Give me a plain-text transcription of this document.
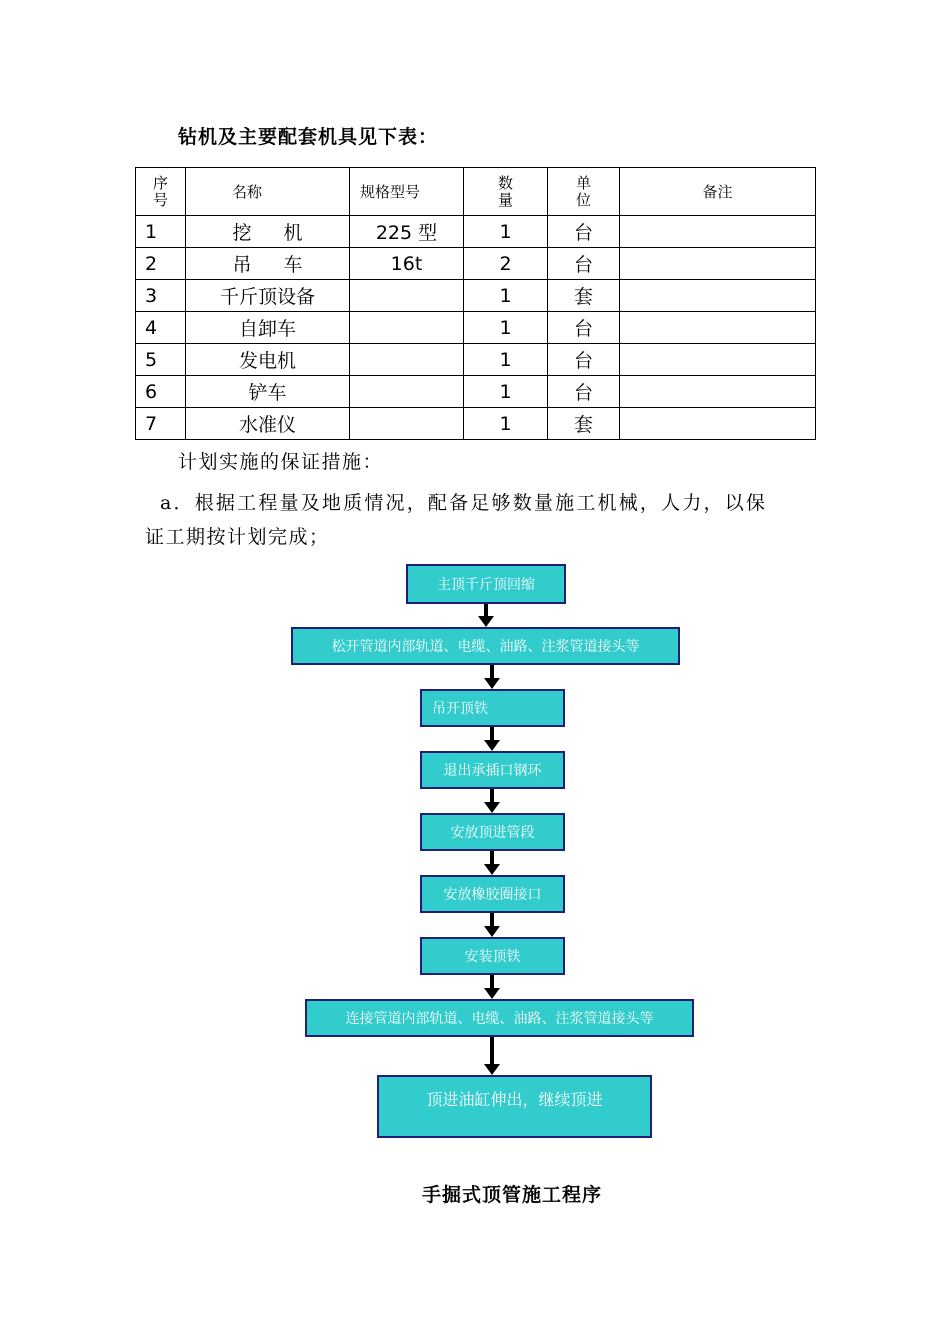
钻机及主要配套机具见下表：
序号	名称	规格型号	数量	单位	备注
1	挖 机	225 型	1	台	
2	吊 车	16t	2	台	
3	千斤顶设备		1	套	
4	自卸车		1	台	
5	发电机		1	台	
6	铲车		1	台	
7	水准仪		1	套	
计划实施的保证措施：
a．根据工程量及地质情况，配备足够数量施工机械，人力，以保
证工期按计划完成；
主顶千斤顶回缩
松开管道内部轨道、电缆、油路、注浆管道接头等
吊开顶铁
退出承插口钢环
安放顶进管段
安放橡胶圈接口
安装顶铁
连接管道内部轨道、电缆、油路、注浆管道接头等
顶进油缸伸出，继续顶进
手掘式顶管施工程序
